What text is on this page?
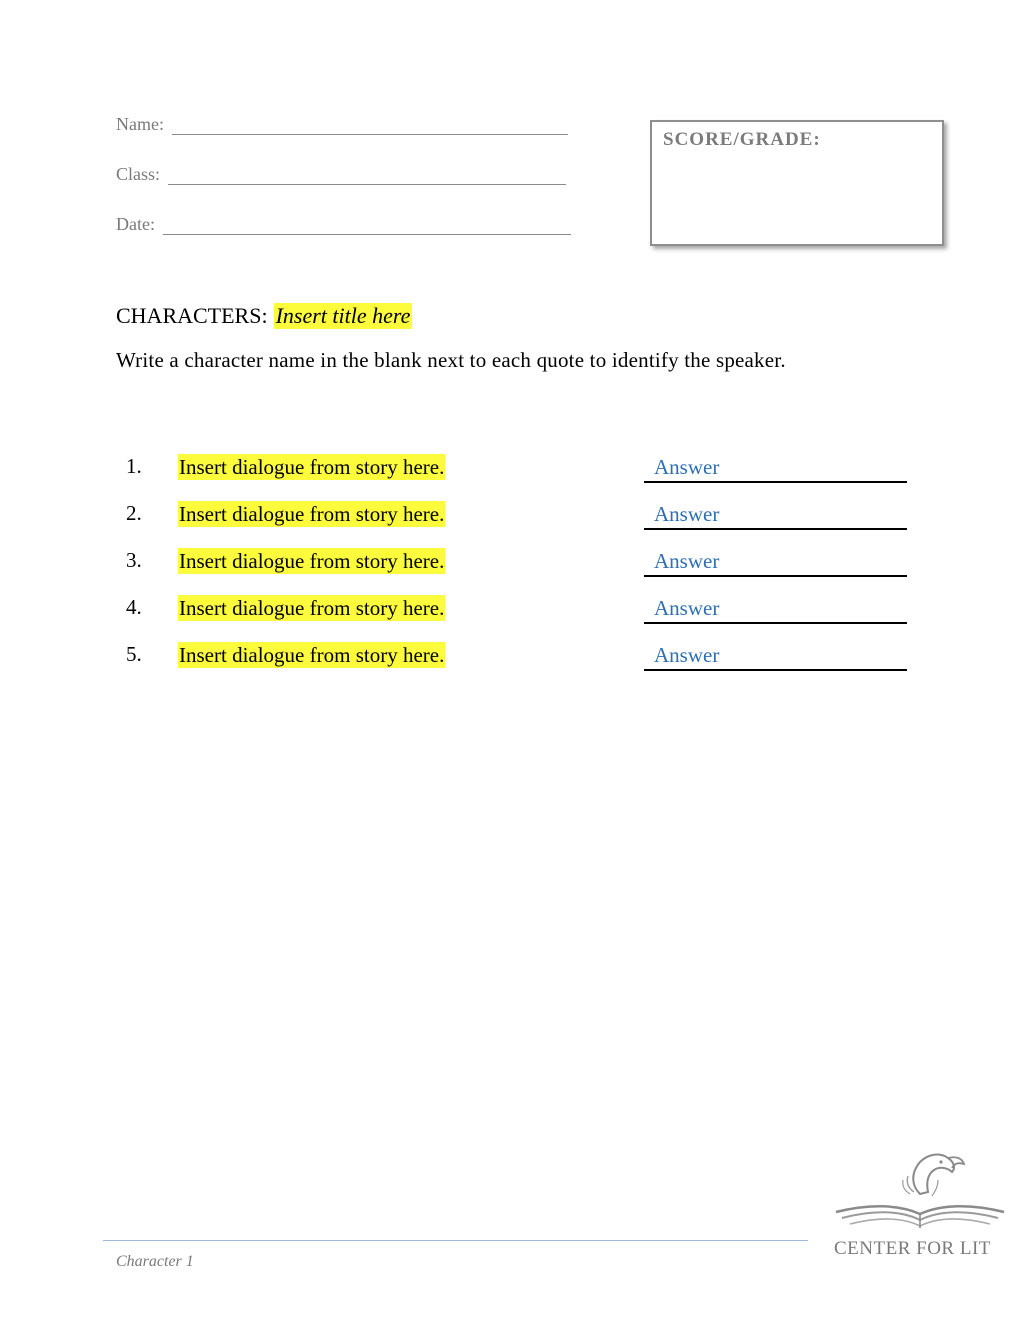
Name:
Class:
Date:
SCORE/GRADE:
CHARACTERS: Insert title here
Write a character name in the blank next to each quote to identify the speaker.
1. Insert dialogue from story here.	Answer
2. Insert dialogue from story here.	Answer
3. Insert dialogue from story here.	Answer
4. Insert dialogue from story here.	Answer
5. Insert dialogue from story here.	Answer
Character 1
CENTER FOR LIT
